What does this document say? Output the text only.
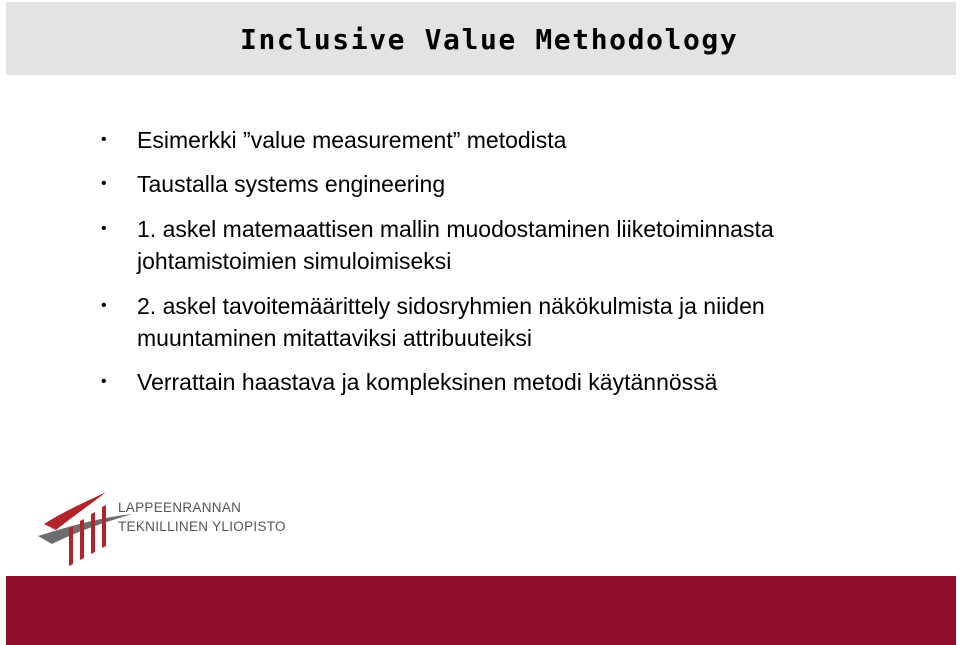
Inclusive Value Methodology
• Esimerkki ”value measurement” metodista
• Taustalla systems engineering
• 1. askel matemaattisen mallin muodostaminen liiketoiminnasta johtamistoimien simuloimiseksi
• 2. askel tavoitemäärittely sidosryhmien näkökulmista ja niiden muuntaminen mitattaviksi attribuuteiksi
• Verrattain haastava ja kompleksinen metodi käytännössä
LAPPEENRANNAN
TEKNILLINEN YLIOPISTO
